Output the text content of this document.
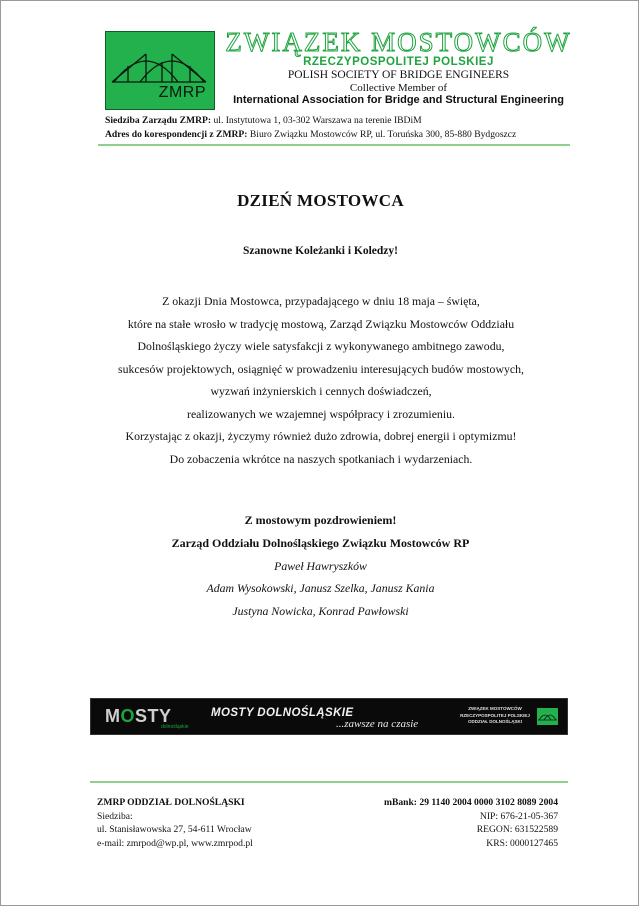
ZMRP
ZWIĄZEK MOSTOWCÓW
RZECZYPOSPOLITEJ POLSKIEJ
POLISH SOCIETY OF BRIDGE ENGINEERS
Collective Member of
International Association for Bridge and Structural Engineering
Siedziba Zarządu ZMRP: ul. Instytutowa 1, 03-302 Warszawa na terenie IBDiM
Adres do korespondencji z ZMRP: Biuro Związku Mostowców RP, ul. Toruńska 300, 85-880 Bydgoszcz
DZIEŃ MOSTOWCA
Szanowne Koleżanki i Koledzy!
Z okazji Dnia Mostowca, przypadającego w dniu 18 maja – święta,
które na stałe wrosło w tradycję mostową, Zarząd Związku Mostowców Oddziału
Dolnośląskiego życzy wiele satysfakcji z wykonywanego ambitnego zawodu,
sukcesów projektowych, osiągnięć w prowadzeniu interesujących budów mostowych,
wyzwań inżynierskich i cennych doświadczeń,
realizowanych we wzajemnej współpracy i zrozumieniu.
Korzystając z okazji, życzymy również dużo zdrowia, dobrej energii i optymizmu!
Do zobaczenia wkrótce na naszych spotkaniach i wydarzeniach.
Z mostowym pozdrowieniem!
Zarząd Oddziału Dolnośląskiego Związku Mostowców RP
Paweł Hawryszków
Adam Wysokowski, Janusz Szelka, Janusz Kania
Justyna Nowicka, Konrad Pawłowski
MOSTY
dolnośląskie
MOSTY DOLNOŚLĄSKIE
...zawsze na czasie
ZWIĄZEK MOSTOWCÓW
RZECZYPOSPOLITEJ POLSKIEJ
ODDZIAŁ DOLNOŚLĄSKI
ZMRP ODDZIAŁ DOLNOŚLĄSKI
Siedziba:
ul. Stanisławowska 27, 54-611 Wrocław
e-mail: zmrpod@wp.pl, www.zmrpod.pl
mBank: 29 1140 2004 0000 3102 8089 2004
NIP: 676-21-05-367
REGON: 631522589
KRS: 0000127465
